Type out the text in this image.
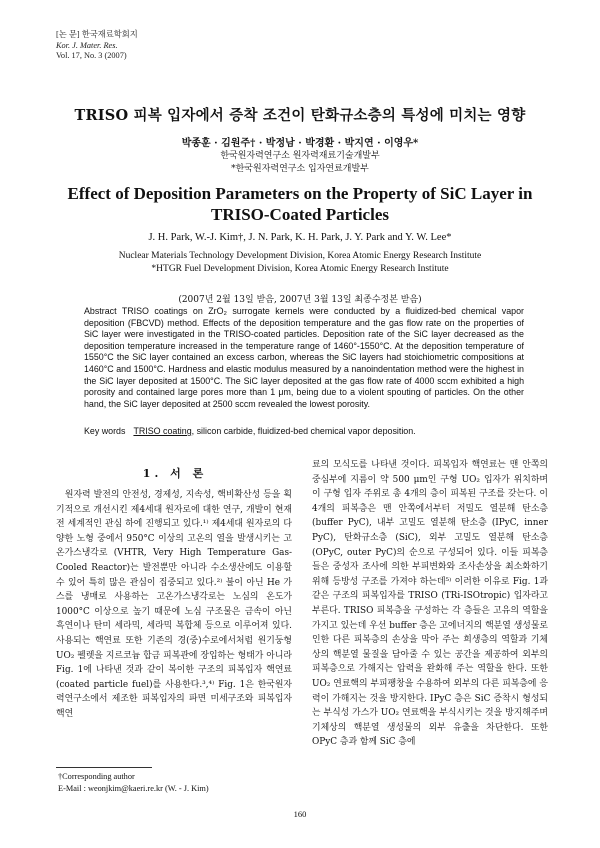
[논 문] 한국재료학회지
Kor. J. Mater. Res.
Vol. 17, No. 3 (2007)
TRISO 피복 입자에서 증착 조건이 탄화규소층의 특성에 미치는 영향
박종훈 · 김원주† · 박정남 · 박경환 · 박지연 · 이영우*
한국원자력연구소 원자력재료기술개발부
*한국원자력연구소 입자연료개발부
Effect of Deposition Parameters on the Property of SiC Layer in
TRISO-Coated Particles
J. H. Park, W.-J. Kim†, J. N. Park, K. H. Park, J. Y. Park and Y. W. Lee*
Nuclear Materials Technology Development Division, Korea Atomic Energy Research Institute
*HTGR Fuel Development Division, Korea Atomic Energy Research Institute
(2007년 2월 13일 받음, 2007년 3월 13일 최종수정본 받음)
Abstract TRISO coatings on ZrO₂ surrogate kernels were conducted by a fluidized-bed chemical vapor deposition (FBCVD) method. Effects of the deposition temperature and the gas flow rate on the properties of SiC layer were investigated in the TRISO-coated particles. Deposition rate of the SiC layer decreased as the deposition temperature increased in the temperature range of 1460°-1550°C. At the deposition temperature of 1550°C the SiC layer contained an excess carbon, whereas the SiC layers had stoichiometric compositions at 1460°C and 1500°C. Hardness and elastic modulus measured by a nanoindentation method were the highest in the SiC layer deposited at 1500°C. The SiC layer deposited at the gas flow rate of 4000 sccm exhibited a high porosity and contained large pores more than 1 μm, being due to a violent spouting of particles. On the other hand, the SiC layer deposited at 2500 sccm revealed the lowest porosity.
Key words TRISO coating, silicon carbide, fluidized-bed chemical vapor deposition.
1. 서 론

원자력 발전의 안전성, 경제성, 지속성, 핵비확산성 등을 획기적으로 개선시킨 제4세대 원자로에 대한 연구, 개발이 현재 전 세계적인 관심 하에 진행되고 있다.¹⁾ 제4세대 원자로의 다양한 노형 중에서 950°C 이상의 고온의 열을 발생시키는 고온가스냉각로 (VHTR, Very High Temperature Gas-Cooled Reactor)는 발전뿐만 아니라 수소생산에도 이용할 수 있어 특히 많은 관심이 집중되고 있다.²⁾ 불이 아닌 He 가스를 냉매로 사용하는 고온가스냉각로는 노심의 온도가 1000°C 이상으로 높기 때문에 노심 구조물은 금속이 아닌 흑연이나 탄미 세라믹, 세라믹 복합체 등으로 이루어져 있다. 사용되는 핵연료 또한 기존의 경(중)수로에서처럼 원기둥형 UO₂ 펠렛을 지르코늄 합금 피복관에 장입하는 형태가 아니라 Fig. 1에 나타낸 것과 같이 복이한 구조의 피복입자 핵연료 (coated particle fuel)를 사용한다.³,⁴⁾ Fig. 1은 한국원자력연구소에서 제조한 피복입자의 파면 미세구조와 피복입자 핵연

료의 모식도를 나타낸 것이다. 피복입자 핵연료는 맨 안쪽의 중심부에 지름이 약 500 μm인 구형 UO₂ 입자가 위치하며 이 구형 입자 주위로 총 4개의 층이 피복된 구조를 갖는다. 이 4개의 피복층은 맨 안쪽에서부터 저밀도 열분해 탄소층 (buffer PyC), 내부 고밀도 열분해 탄소층 (IPyC, inner PyC), 탄화규소층 (SiC), 외부 고밀도 열분해 탄소층 (OPyC, outer PyC)의 순으로 구성되어 있다. 이들 피복층들은 중성자 조사에 의한 부피변화와 조사손상을 최소화하기 위해 등방성 구조를 가져야 하는데⁵⁾ 이러한 이유로 Fig. 1과 같은 구조의 피복입자를 TRISO (TRi-ISOtropic) 입자라고 부른다. TRISO 피복층을 구성하는 각 층들은 고유의 역할을 가지고 있는데 우선 buffer 층은 고에너지의 핵분열 생성물로 인한 다른 피복층의 손상을 막아 주는 희생층의 역할과 기체상의 핵분열 물질을 담아줄 수 있는 공간을 제공하여 외부의 피복층으로 가해지는 압력을 완화해 주는 역할을 한다. 또한 UO₂ 연료핵의 부피팽창을 수용하여 외부의 다른 피복층에 응력이 가해지는 것을 방지한다. IPyC 층은 SiC 증착시 형성되는 부식성 가스가 UO₂ 연료핵을 부식시키는 것을 방지해주며 기체상의 핵분열 생성물의 외부 유출을 차단한다. 또한 OPyC 층과 함께 SiC 층에

†Corresponding author
E-Mail : weonjkim@kaeri.re.kr (W. - J. Kim)
160
